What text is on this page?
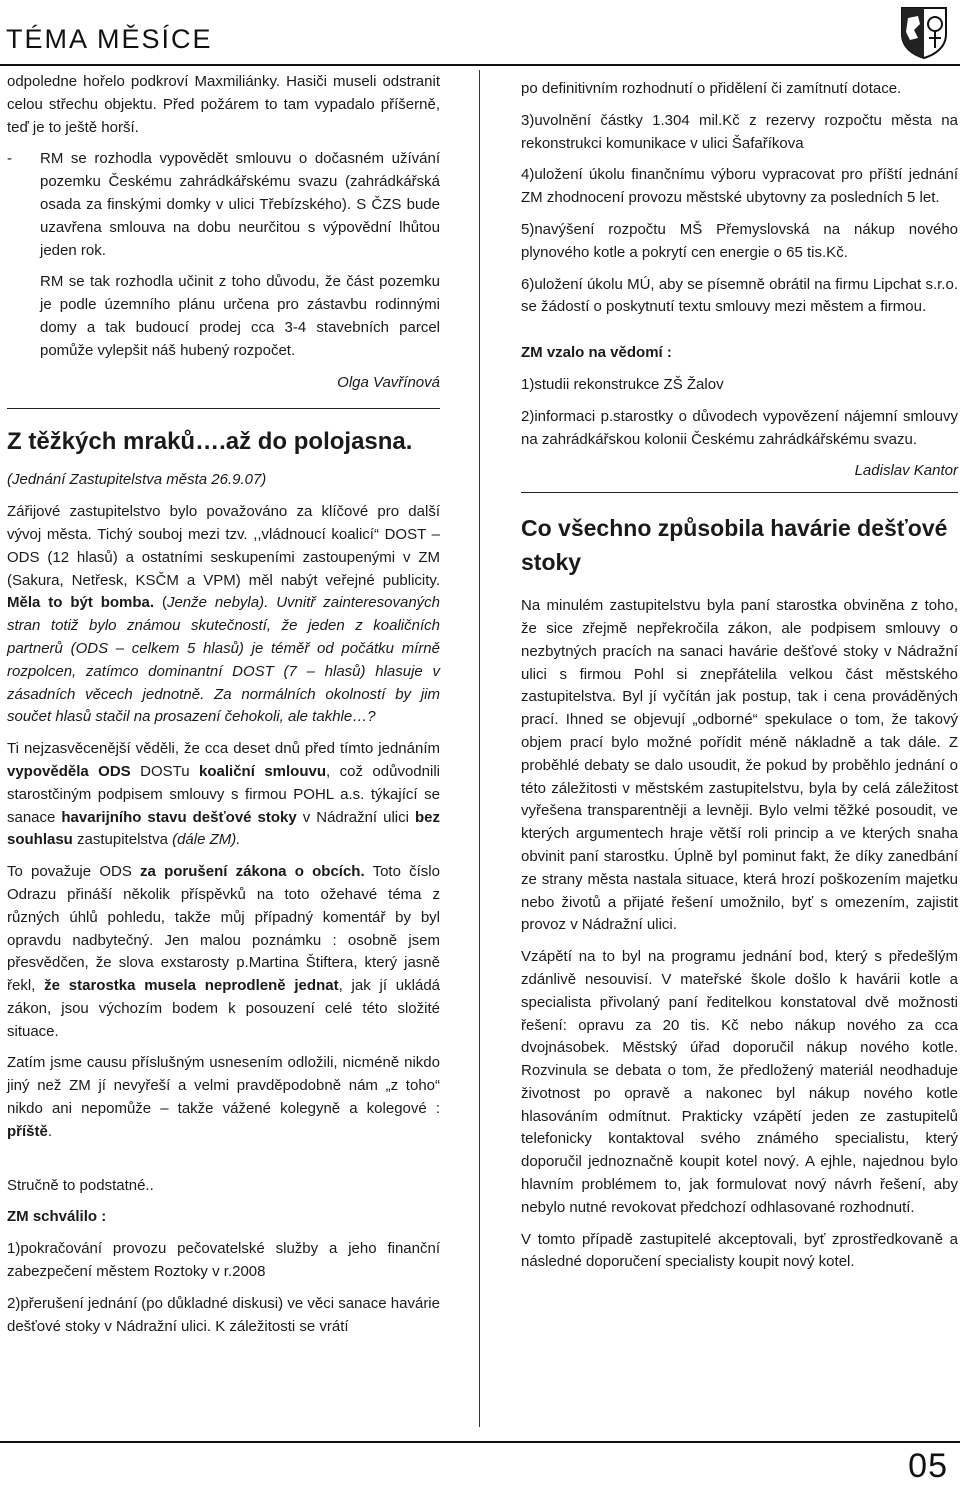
TÉMA MĚSÍCE

odpoledne hořelo podkroví Maxmiliánky. Hasiči museli odstranit celou střechu objektu. Před požárem to tam vypadalo příšerně, teď je to ještě horší.

- RM se rozhodla vypovědět smlouvu o dočasném užívání pozemku Českému zahrádkářskému svazu (zahrádkářská osada za finskými domky v ulici Třebízského). S ČZS bude uzavřena smlouva na dobu neurčitou s výpovědní lhůtou jeden rok.

RM se tak rozhodla učinit z toho důvodu, že část pozemku je podle územního plánu určena pro zástavbu rodinnými domy a tak budoucí prodej cca 3-4 stavebních parcel pomůže vylepšit náš hubený rozpočet.

Olga Vavřínová

Z těžkých mraků….až do polojasna.

(Jednání Zastupitelstva města 26.9.07)

Zářijové zastupitelstvo bylo považováno za klíčové pro další vývoj města. Tichý souboj mezi tzv. ,,vládnoucí koalicí“ DOST – ODS (12 hlasů) a ostatními seskupeními zastoupenými v ZM (Sakura, Netřesk, KSČM a VPM) měl nabýt veřejné publicity. Měla to být bomba. (Jenže nebyla). Uvnitř zainteresovaných stran totiž bylo známou skutečností, že jeden z koaličních partnerů (ODS – celkem 5 hlasů) je téměř od počátku mírně rozpolcen, zatímco dominantní DOST (7 – hlasů) hlasuje v zásadních věcech jednotně. Za normálních okolností by jim součet hlasů stačil na prosazení čehokoli, ale takhle…?

Ti nejzasvěcenější věděli, že cca deset dnů před tímto jednáním vypověděla ODS DOSTu koaliční smlouvu, což odůvodnili starostčiným podpisem smlouvy s firmou POHL a.s. týkající se sanace havarijního stavu dešťové stoky v Nádražní ulici bez souhlasu zastupitelstva (dále ZM).

To považuje ODS za porušení zákona o obcích. Toto číslo Odrazu přináší několik příspěvků na toto ožehavé téma z různých úhlů pohledu, takže můj případný komentář by byl opravdu nadbytečný. Jen malou poznámku : osobně jsem přesvědčen, že slova exstarosty p.Martina Štiftera, který jasně řekl, že starostka musela neprodleně jednat, jak jí ukládá zákon, jsou výchozím bodem k posouzení celé této složité situace.

Zatím jsme causu příslušným usnesením odložili, nicméně nikdo jiný než ZM jí nevyřeší a velmi pravděpodobně nám „z toho“ nikdo ani nepomůže – takže vážené kolegyně a kolegové : příště.

Stručně to podstatné..

ZM schválilo :

1)pokračování provozu pečovatelské služby a jeho finanční zabezpečení městem Roztoky v r.2008

2)přerušení jednání (po důkladné diskusi) ve věci sanace havárie dešťové stoky v Nádražní ulici. K záležitosti se vrátí

po definitivním rozhodnutí o přidělení či zamítnutí dotace.

3)uvolnění částky 1.304 mil.Kč z rezervy rozpočtu města na rekonstrukci komunikace v ulici Šafaříkova

4)uložení úkolu finančnímu výboru vypracovat pro příští jednání ZM zhodnocení provozu městské ubytovny za posledních 5 let.

5)navýšení rozpočtu MŠ Přemyslovská na nákup nového plynového kotle a pokrytí cen energie o 65 tis.Kč.

6)uložení úkolu MÚ, aby se písemně obrátil na firmu Lipchat s.r.o. se žádostí o poskytnutí textu smlouvy mezi městem a firmou.

ZM vzalo na vědomí :

1)studii rekonstrukce ZŠ Žalov

2)informaci p.starostky o důvodech vypovězení nájemní smlouvy na zahrádkářskou kolonii Českému zahrádkářskému svazu.

Ladislav Kantor

Co všechno způsobila havárie dešťové stoky

Na minulém zastupitelstvu byla paní starostka obviněna z toho, že sice zřejmě nepřekročila zákon, ale podpisem smlouvy o nezbytných pracích na sanaci havárie dešťové stoky v Nádražní ulici s firmou Pohl si znepřátelila velkou část městského zastupitelstva. Byl jí vyčítán jak postup, tak i cena prováděných prací. Ihned se objevují „odborné“ spekulace o tom, že takový objem prací bylo možné pořídit méně nákladně a tak dále. Z proběhlé debaty se dalo usoudit, že pokud by proběhlo jednání o této záležitosti v městském zastupitelstvu, byla by celá záležitost vyřešena transparentněji a levněji. Bylo velmi těžké posoudit, ve kterých argumentech hraje větší roli princip a ve kterých snaha obvinit paní starostku. Úplně byl pominut fakt, že díky zanedbání ze strany města nastala situace, která hrozí poškozením majetku nebo životů a přijaté řešení umožnilo, byť s omezením, zajistit provoz v Nádražní ulici.

Vzápětí na to byl na programu jednání bod, který s předešlým zdánlivě nesouvisí. V mateřské škole došlo k havárii kotle a specialista přivolaný paní ředitelkou konstatoval dvě možnosti řešení: opravu za 20 tis. Kč nebo nákup nového za cca dvojnásobek. Městský úřad doporučil nákup nového kotle. Rozvinula se debata o tom, že předložený materiál neodhaduje životnost po opravě a nakonec byl nákup nového kotle hlasováním odmítnut. Prakticky vzápětí jeden ze zastupitelů telefonicky kontaktoval svého známého specialistu, který doporučil jednoznačně koupit kotel nový. A ejhle, najednou bylo hlavním problémem to, jak formulovat nový návrh řešení, aby nebylo nutné revokovat předchozí odhlasované rozhodnutí.

V tomto případě zastupitelé akceptovali, byť zprostředkovaně a následné doporučení specialisty koupit nový kotel.

05
